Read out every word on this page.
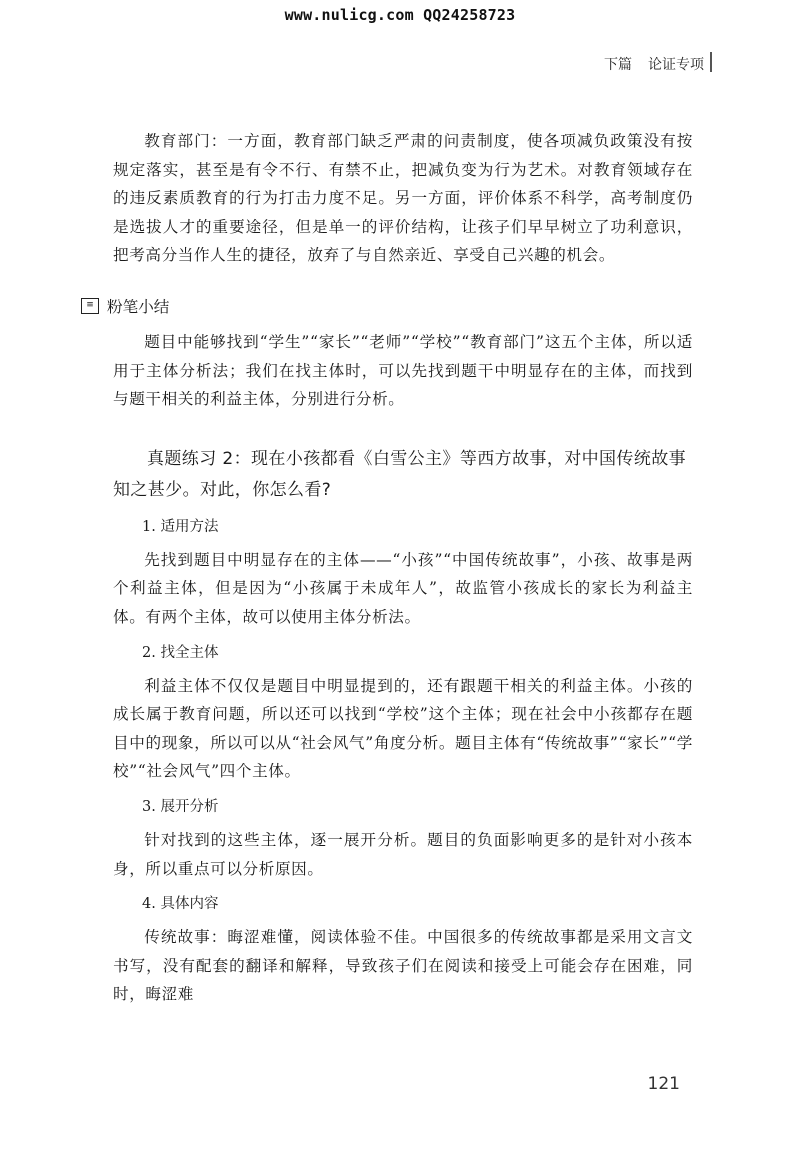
www.nulicg.com QQ24258723
下篇 论证专项

教育部门：一方面，教育部门缺乏严肃的问责制度，使各项减负政策没有按规定落实，甚至是有令不行、有禁不止，把减负变为行为艺术。对教育领域存在的违反素质教育的行为打击力度不足。另一方面，评价体系不科学，高考制度仍是选拔人才的重要途径，但是单一的评价结构，让孩子们早早树立了功利意识，把考高分当作人生的捷径，放弃了与自然亲近、享受自己兴趣的机会。

≡ 粉笔小结

题目中能够找到“学生”“家长”“老师”“学校”“教育部门”这五个主体，所以适用于主体分析法；我们在找主体时，可以先找到题干中明显存在的主体，而找到与题干相关的利益主体，分别进行分析。

真题练习 2：现在小孩都看《白雪公主》等西方故事，对中国传统故事知之甚少。对此，你怎么看?
1. 适用方法

先找到题目中明显存在的主体——“小孩”“中国传统故事”，小孩、故事是两个利益主体，但是因为“小孩属于未成年人”，故监管小孩成长的家长为利益主体。有两个主体，故可以使用主体分析法。

2. 找全主体

利益主体不仅仅是题目中明显提到的，还有跟题干相关的利益主体。小孩的成长属于教育问题，所以还可以找到“学校”这个主体；现在社会中小孩都存在题目中的现象，所以可以从“社会风气”角度分析。题目主体有“传统故事”“家长”“学校”“社会风气”四个主体。

3. 展开分析

针对找到的这些主体，逐一展开分析。题目的负面影响更多的是针对小孩本身，所以重点可以分析原因。

4. 具体内容

传统故事：晦涩难懂，阅读体验不佳。中国很多的传统故事都是采用文言文书写，没有配套的翻译和解释，导致孩子们在阅读和接受上可能会存在困难，同时，晦涩难

121
